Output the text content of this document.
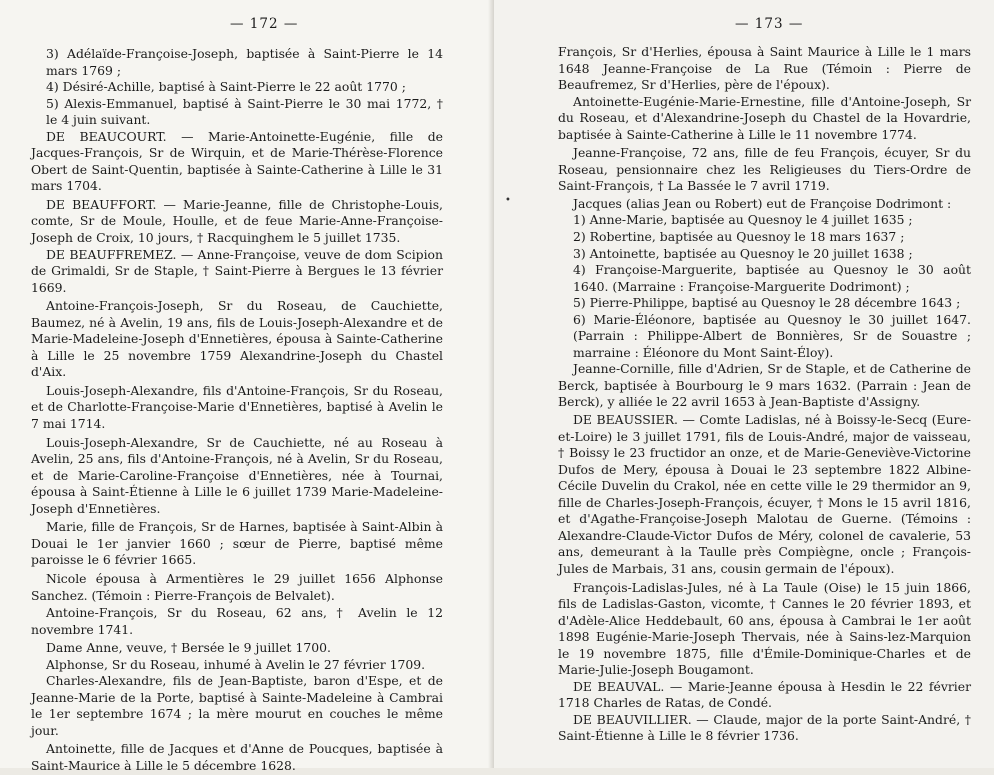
— 172 —

3) Adélaïde-Françoise-Joseph, baptisée à Saint-Pierre le 14 mars 1769 ;

4) Désiré-Achille, baptisé à Saint-Pierre le 22 août 1770 ;

5) Alexis-Emmanuel, baptisé à Saint-Pierre le 30 mai 1772, † le 4 juin suivant.

DE BEAUCOURT. — Marie-Antoinette-Eugénie, fille de Jacques-François, Sr de Wirquin, et de Marie-Thérèse-Florence Obert de Saint-Quentin, baptisée à Sainte-Catherine à Lille le 31 mars 1704.

DE BEAUFFORT. — Marie-Jeanne, fille de Christophe-Louis, comte, Sr de Moule, Houlle, et de feue Marie-Anne-Françoise-Joseph de Croix, 10 jours, † Racquinghem le 5 juillet 1735.

DE BEAUFFREMEZ. — Anne-Françoise, veuve de dom Scipion de Grimaldi, Sr de Staple, † Saint-Pierre à Bergues le 13 février 1669.

Antoine-François-Joseph, Sr du Roseau, de Cauchiette, Baumez, né à Avelin, 19 ans, fils de Louis-Joseph-Alexandre et de Marie-Madeleine-Joseph d'Ennetières, épousa à Sainte-Catherine à Lille le 25 novembre 1759 Alexandrine-Joseph du Chastel d'Aix.

Louis-Joseph-Alexandre, fils d'Antoine-François, Sr du Roseau, et de Charlotte-Françoise-Marie d'Ennetières, baptisé à Avelin le 7 mai 1714.

Louis-Joseph-Alexandre, Sr de Cauchiette, né au Roseau à Avelin, 25 ans, fils d'Antoine-François, né à Avelin, Sr du Roseau, et de Marie-Caroline-Françoise d'Ennetières, née à Tournai, épousa à Saint-Étienne à Lille le 6 juillet 1739 Marie-Madeleine-Joseph d'Ennetières.

Marie, fille de François, Sr de Harnes, baptisée à Saint-Albin à Douai le 1er janvier 1660 ; sœur de Pierre, baptisé même paroisse le 6 février 1665.

Nicole épousa à Armentières le 29 juillet 1656 Alphonse Sanchez. (Témoin : Pierre-François de Belvalet).

Antoine-François, Sr du Roseau, 62 ans, † Avelin le 12 novembre 1741.

Dame Anne, veuve, † Bersée le 9 juillet 1700.

Alphonse, Sr du Roseau, inhumé à Avelin le 27 février 1709.

Charles-Alexandre, fils de Jean-Baptiste, baron d'Espe, et de Jeanne-Marie de la Porte, baptisé à Sainte-Madeleine à Cambrai le 1er septembre 1674 ; la mère mourut en couches le même jour.

Antoinette, fille de Jacques et d'Anne de Poucques, baptisée à Saint-Maurice à Lille le 5 décembre 1628.

— 173 —

François, Sr d'Herlies, épousa à Saint Maurice à Lille le 1 mars 1648 Jeanne-Françoise de La Rue (Témoin : Pierre de Beaufremez, Sr d'Herlies, père de l'époux).

Antoinette-Eugénie-Marie-Ernestine, fille d'Antoine-Joseph, Sr du Roseau, et d'Alexandrine-Joseph du Chastel de la Hovardrie, baptisée à Sainte-Catherine à Lille le 11 novembre 1774.

Jeanne-Françoise, 72 ans, fille de feu François, écuyer, Sr du Roseau, pensionnaire chez les Religieuses du Tiers-Ordre de Saint-François, † La Bassée le 7 avril 1719.

Jacques (alias Jean ou Robert) eut de Françoise Dodrimont :

1) Anne-Marie, baptisée au Quesnoy le 4 juillet 1635 ;

2) Robertine, baptisée au Quesnoy le 18 mars 1637 ;

3) Antoinette, baptisée au Quesnoy le 20 juillet 1638 ;

4) Françoise-Marguerite, baptisée au Quesnoy le 30 août 1640. (Marraine : Françoise-Marguerite Dodrimont) ;

5) Pierre-Philippe, baptisé au Quesnoy le 28 décembre 1643 ;

6) Marie-Éléonore, baptisée au Quesnoy le 30 juillet 1647. (Parrain : Philippe-Albert de Bonnières, Sr de Souastre ; marraine : Éléonore du Mont Saint-Éloy).

Jeanne-Cornille, fille d'Adrien, Sr de Staple, et de Catherine de Berck, baptisée à Bourbourg le 9 mars 1632. (Parrain : Jean de Berck), y alliée le 22 avril 1653 à Jean-Baptiste d'Assigny.

DE BEAUSSIER. — Comte Ladislas, né à Boissy-le-Secq (Eure-et-Loire) le 3 juillet 1791, fils de Louis-André, major de vaisseau, † Boissy le 23 fructidor an onze, et de Marie-Geneviève-Victorine Dufos de Mery, épousa à Douai le 23 septembre 1822 Albine-Cécile Duvelin du Crakol, née en cette ville le 29 thermidor an 9, fille de Charles-Joseph-François, écuyer, † Mons le 15 avril 1816, et d'Agathe-Françoise-Joseph Malotau de Guerne. (Témoins : Alexandre-Claude-Victor Dufos de Méry, colonel de cavalerie, 53 ans, demeurant à la Taulle près Compiègne, oncle ; François-Jules de Marbais, 31 ans, cousin germain de l'époux).

François-Ladislas-Jules, né à La Taule (Oise) le 15 juin 1866, fils de Ladislas-Gaston, vicomte, † Cannes le 20 février 1893, et d'Adèle-Alice Heddebault, 60 ans, épousa à Cambrai le 1er août 1898 Eugénie-Marie-Joseph Thervais, née à Sains-lez-Marquion le 19 novembre 1875, fille d'Émile-Dominique-Charles et de Marie-Julie-Joseph Bougamont.

DE BEAUVAL. — Marie-Jeanne épousa à Hesdin le 22 février 1718 Charles de Ratas, de Condé.

DE BEAUVILLIER. — Claude, major de la porte Saint-André, † Saint-Étienne à Lille le 8 février 1736.

•
